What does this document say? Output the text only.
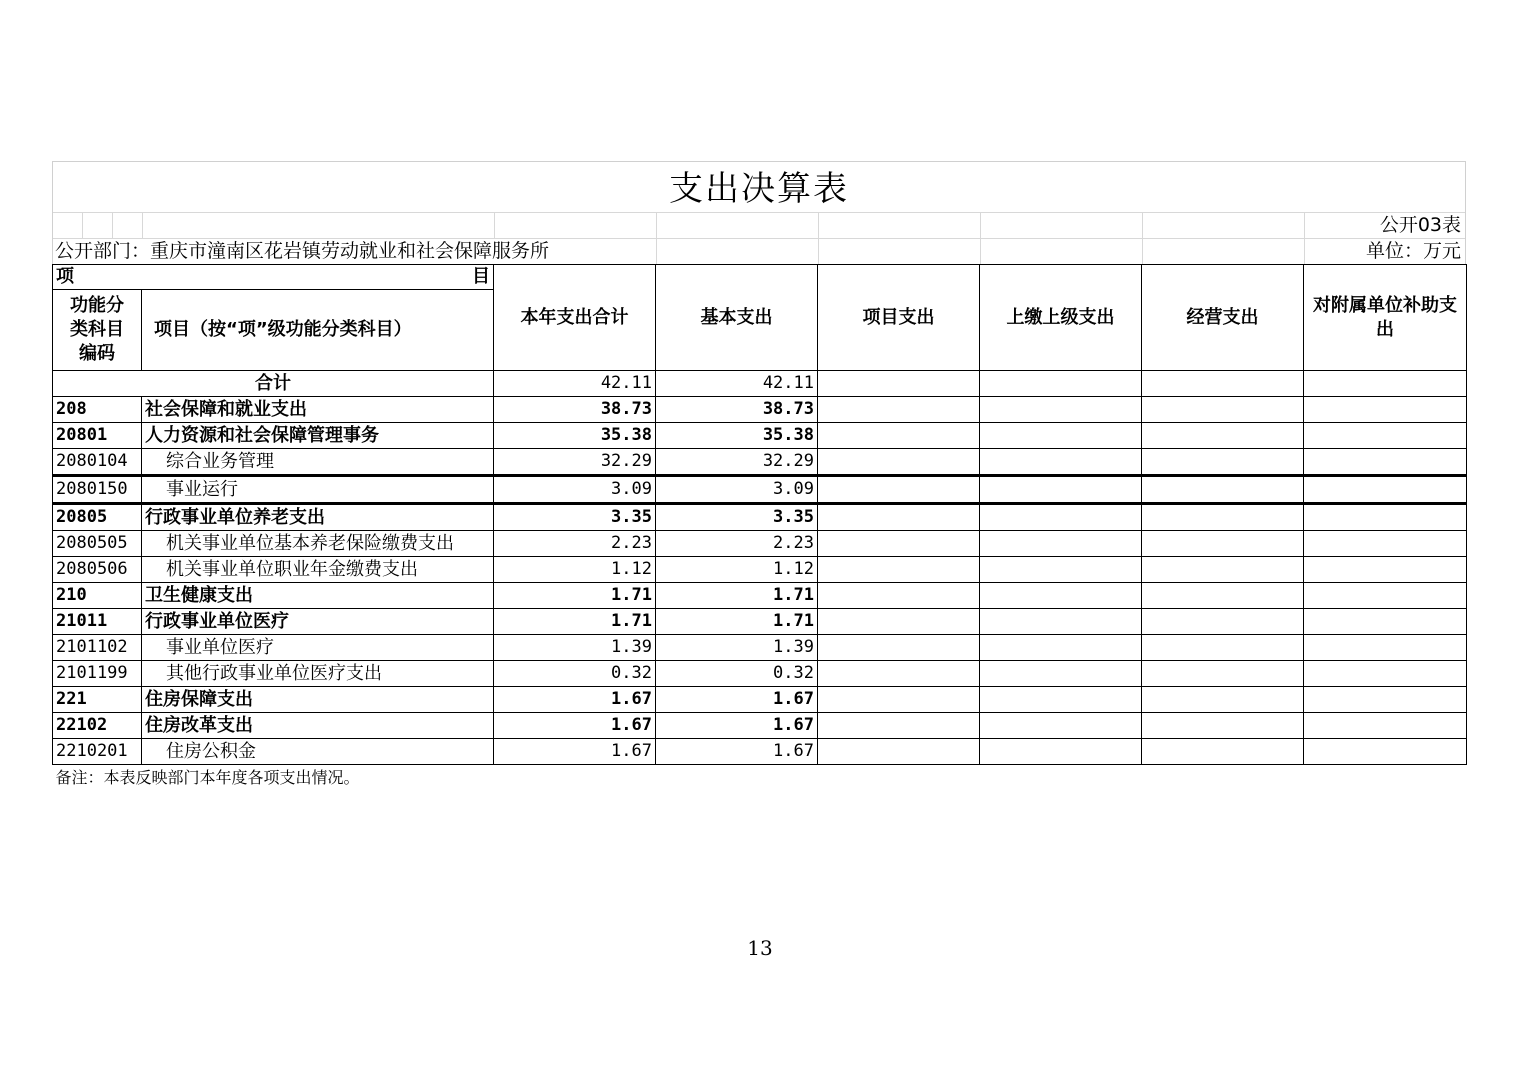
支出决算表
公开03表
公开部门：重庆市潼南区花岩镇劳动就业和社会保障服务所	单位：万元
项 目		本年支出合计	基本支出	项目支出	上缴上级支出	经营支出	对附属单位补助支出
功能分类科目编码	项目（按“项”级功能分类科目）						
合计		42.11	42.11				
208	社会保障和就业支出	38.73	38.73				
20801	人力资源和社会保障管理事务	35.38	35.38				
2080104	综合业务管理	32.29	32.29				
2080150	事业运行	3.09	3.09				
20805	行政事业单位养老支出	3.35	3.35				
2080505	机关事业单位基本养老保险缴费支出	2.23	2.23				
2080506	机关事业单位职业年金缴费支出	1.12	1.12				
210	卫生健康支出	1.71	1.71				
21011	行政事业单位医疗	1.71	1.71				
2101102	事业单位医疗	1.39	1.39				
2101199	其他行政事业单位医疗支出	0.32	0.32				
221	住房保障支出	1.67	1.67				
22102	住房改革支出	1.67	1.67				
2210201	住房公积金	1.67	1.67				
备注：本表反映部门本年度各项支出情况。							
13
